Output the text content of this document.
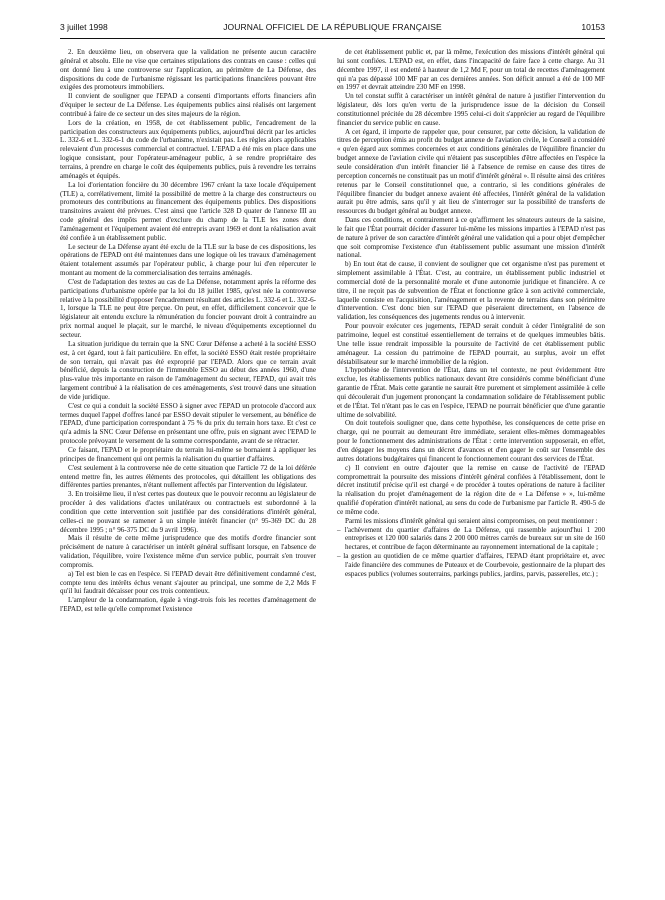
3 juillet 1998	JOURNAL OFFICIEL DE LA RÉPUBLIQUE FRANÇAISE	10153

2. En deuxième lieu, on observera que la validation ne présente aucun caractère général et absolu. Elle ne vise que certaines stipulations des contrats en cause : celles qui ont donné lieu à une controverse sur l'application, au périmètre de La Défense, des dispositions du code de l'urbanisme régissant les participations financières pouvant être exigées des promoteurs immobiliers.

Il convient de souligner que l'EPAD a consenti d'importants efforts financiers afin d'équiper le secteur de La Défense. Les équipements publics ainsi réalisés ont largement contribué à faire de ce secteur un des sites majeurs de la région.

Lors de la création, en 1958, de cet établissement public, l'encadrement de la participation des constructeurs aux équipements publics, aujourd'hui décrit par les articles L. 332-6 et L. 332-6-1 du code de l'urbanisme, n'existait pas. Les règles alors applicables relevaient d'un processus commercial et contractuel. L'EPAD a été mis en place dans une logique consistant, pour l'opérateur-aménageur public, à se rendre propriétaire des terrains, à prendre en charge le coût des équipements publics, puis à revendre les terrains aménagés et équipés.

La loi d'orientation foncière du 30 décembre 1967 créant la taxe locale d'équipement (TLE) a, corrélativement, limité la possibilité de mettre à la charge des constructeurs ou promoteurs des contributions au financement des équipements publics. Des dispositions transitoires avaient été prévues. C'est ainsi que l'article 328 D quater de l'annexe III au code général des impôts permet d'exclure du champ de la TLE les zones dont l'aménagement et l'équipement avaient été entrepris avant 1969 et dont la réalisation avait été confiée à un établissement public.

Le secteur de La Défense ayant été exclu de la TLE sur la base de ces dispositions, les opérations de l'EPAD ont été maintenues dans une logique où les travaux d'aménagement étaient totalement assumés par l'opérateur public, à charge pour lui d'en répercuter le montant au moment de la commercialisation des terrains aménagés.

C'est de l'adaptation des textes au cas de La Défense, notamment après la réforme des participations d'urbanisme opérée par la loi du 18 juillet 1985, qu'est née la controverse relative à la possibilité d'opposer l'encadrement résultant des articles L. 332-6 et L. 332-6-1, lorsque la TLE ne peut être perçue. On peut, en effet, difficilement concevoir que le législateur ait entendu exclure la rémunération du foncier pouvant droit à contraindre au prix normal auquel le plaçait, sur le marché, le niveau d'équipements exceptionnel du secteur.

La situation juridique du terrain que la SNC Cœur Défense a acheté à la société ESSO est, à cet égard, tout à fait particulière. En effet, la société ESSO était restée propriétaire de son terrain, qui n'avait pas été exproprié par l'EPAD. Alors que ce terrain avait bénéficié, depuis la construction de l'immeuble ESSO au début des années 1960, d'une plus-value très importante en raison de l'aménagement du secteur, l'EPAD, qui avait très largement contribué à la réalisation de ces aménagements, s'est trouvé dans une situation de vide juridique.

C'est ce qui a conduit la société ESSO à signer avec l'EPAD un protocole d'accord aux termes duquel l'appel d'offres lancé par ESSO devait stipuler le versement, au bénéfice de l'EPAD, d'une participation correspondant à 75 % du prix du terrain hors taxe. Et c'est ce qu'a admis la SNC Cœur Défense en présentant une offre, puis en signant avec l'EPAD le protocole prévoyant le versement de la somme correspondante, avant de se rétracter.

Ce faisant, l'EPAD et le propriétaire du terrain lui-même se bornaient à appliquer les principes de financement qui ont permis la réalisation du quartier d'affaires.

C'est seulement à la controverse née de cette situation que l'article 72 de la loi déférée entend mettre fin, les autres éléments des protocoles, qui détaillent les obligations des différentes parties prenantes, n'étant nullement affectés par l'intervention du législateur.

3. En troisième lieu, il n'est certes pas douteux que le pouvoir reconnu au législateur de procéder à des validations d'actes unilatéraux ou contractuels est subordonné à la condition que cette intervention soit justifiée par des considérations d'intérêt général, celles-ci ne pouvant se ramener à un simple intérêt financier (n° 95-369 DC du 28 décembre 1995 ; n° 96-375 DC du 9 avril 1996).

Mais il résulte de cette même jurisprudence que des motifs d'ordre financier sont précisément de nature à caractériser un intérêt général suffisant lorsque, en l'absence de validation, l'équilibre, voire l'existence même d'un service public, pourrait s'en trouver compromis.

a) Tel est bien le cas en l'espèce. Si l'EPAD devait être définitivement condamné c'est, compte tenu des intérêts échus venant s'ajouter au principal, une somme de 2,2 Mds F qu'il lui faudrait décaisser pour ces trois contentieux.

L'ampleur de la condamnation, égale à vingt-trois fois les recettes d'aménagement de l'EPAD, est telle qu'elle compromet l'existence

de cet établissement public et, par là même, l'exécution des missions d'intérêt général qui lui sont confiées. L'EPAD est, en effet, dans l'incapacité de faire face à cette charge. Au 31 décembre 1997, il est endetté à hauteur de 1,2 Md F, pour un total de recettes d'aménagement qui n'a pas dépassé 100 MF par an ces dernières années. Son déficit annuel a été de 100 MF en 1997 et devrait atteindre 230 MF en 1998.

Un tel constat suffit à caractériser un intérêt général de nature à justifier l'intervention du législateur, dès lors qu'en vertu de la jurisprudence issue de la décision du Conseil constitutionnel précitée du 28 décembre 1995 celui-ci doit s'apprécier au regard de l'équilibre financier du service public en cause.

A cet égard, il importe de rappeler que, pour censurer, par cette décision, la validation de titres de perception émis au profit du budget annexe de l'aviation civile, le Conseil a considéré « qu'en égard aux sommes concernées et aux conditions générales de l'équilibre financier du budget annexe de l'aviation civile qui n'étaient pas susceptibles d'être affectées en l'espèce la seule considération d'un intérêt financier lié à l'absence de remise en cause des titres de perception concernés ne constituait pas un motif d'intérêt général ». Il résulte ainsi des critères retenus par le Conseil constitutionnel que, a contrario, si les conditions générales de l'équilibre financier du budget annexe avaient été affectées, l'intérêt général de la validation aurait pu être admis, sans qu'il y ait lieu de s'interroger sur la possibilité de transferts de ressources du budget général au budget annexe.

Dans ces conditions, et contrairement à ce qu'affirment les sénateurs auteurs de la saisine, le fait que l'État pourrait décider d'assurer lui-même les missions imparties à l'EPAD n'est pas de nature à priver de son caractère d'intérêt général une validation qui a pour objet d'empêcher que soit compromise l'existence d'un établissement public assumant une mission d'intérêt national.

b) En tout état de cause, il convient de souligner que cet organisme n'est pas purement et simplement assimilable à l'État. C'est, au contraire, un établissement public industriel et commercial doté de la personnalité morale et d'une autonomie juridique et financière. A ce titre, il ne reçoit pas de subvention de l'État et fonctionne grâce à son activité commerciale, laquelle consiste en l'acquisition, l'aménagement et la revente de terrains dans son périmètre d'intervention. C'est donc bien sur l'EPAD que pèseraient directement, en l'absence de validation, les conséquences des jugements rendus ou à intervenir.

Pour pouvoir exécuter ces jugements, l'EPAD serait conduit à céder l'intégralité de son patrimoine, lequel est constitué essentiellement de terrains et de quelques immeubles bâtis. Une telle issue rendrait impossible la poursuite de l'activité de cet établissement public aménageur. La cession du patrimoine de l'EPAD pourrait, au surplus, avoir un effet déstabilisateur sur le marché immobilier de la région.

L'hypothèse de l'intervention de l'État, dans un tel contexte, ne peut évidemment être exclue, les établissements publics nationaux devant être considérés comme bénéficiant d'une garantie de l'État. Mais cette garantie ne saurait être purement et simplement assimilée à celle qui découlerait d'un jugement prononçant la condamnation solidaire de l'établissement public et de l'État. Tel n'étant pas le cas en l'espèce, l'EPAD ne pourrait bénéficier que d'une garantie ultime de solvabilité.

On doit toutefois souligner que, dans cette hypothèse, les conséquences de cette prise en charge, qui ne pourrait au demeurant être immédiate, seraient elles-mêmes dommageables pour le fonctionnement des administrations de l'État : cette intervention supposerait, en effet, d'en dégager les moyens dans un décret d'avances et d'en gager le coût sur l'ensemble des autres dotations budgétaires qui financent le fonctionnement courant des services de l'État.

c) Il convient en outre d'ajouter que la remise en cause de l'activité de l'EPAD compromettrait la poursuite des missions d'intérêt général confiées à l'établissement, dont le décret institutif précise qu'il est chargé « de procéder à toutes opérations de nature à faciliter la réalisation du projet d'aménagement de la région dite de « La Défense » », lui-même qualifié d'opération d'intérêt national, au sens du code de l'urbanisme par l'article R. 490-5 de ce même code.

Parmi les missions d'intérêt général qui seraient ainsi compromises, on peut mentionner :

– l'achèvement du quartier d'affaires de La Défense, qui rassemble aujourd'hui 1 200 entreprises et 120 000 salariés dans 2 200 000 mètres carrés de bureaux sur un site de 160 hectares, et contribue de façon déterminante au rayonnement international de la capitale ;
– la gestion au quotidien de ce même quartier d'affaires, l'EPAD étant propriétaire et, avec l'aide financière des communes de Puteaux et de Courbevoie, gestionnaire de la plupart des espaces publics (volumes souterrains, parkings publics, jardins, parvis, passerelles, etc.) ;
